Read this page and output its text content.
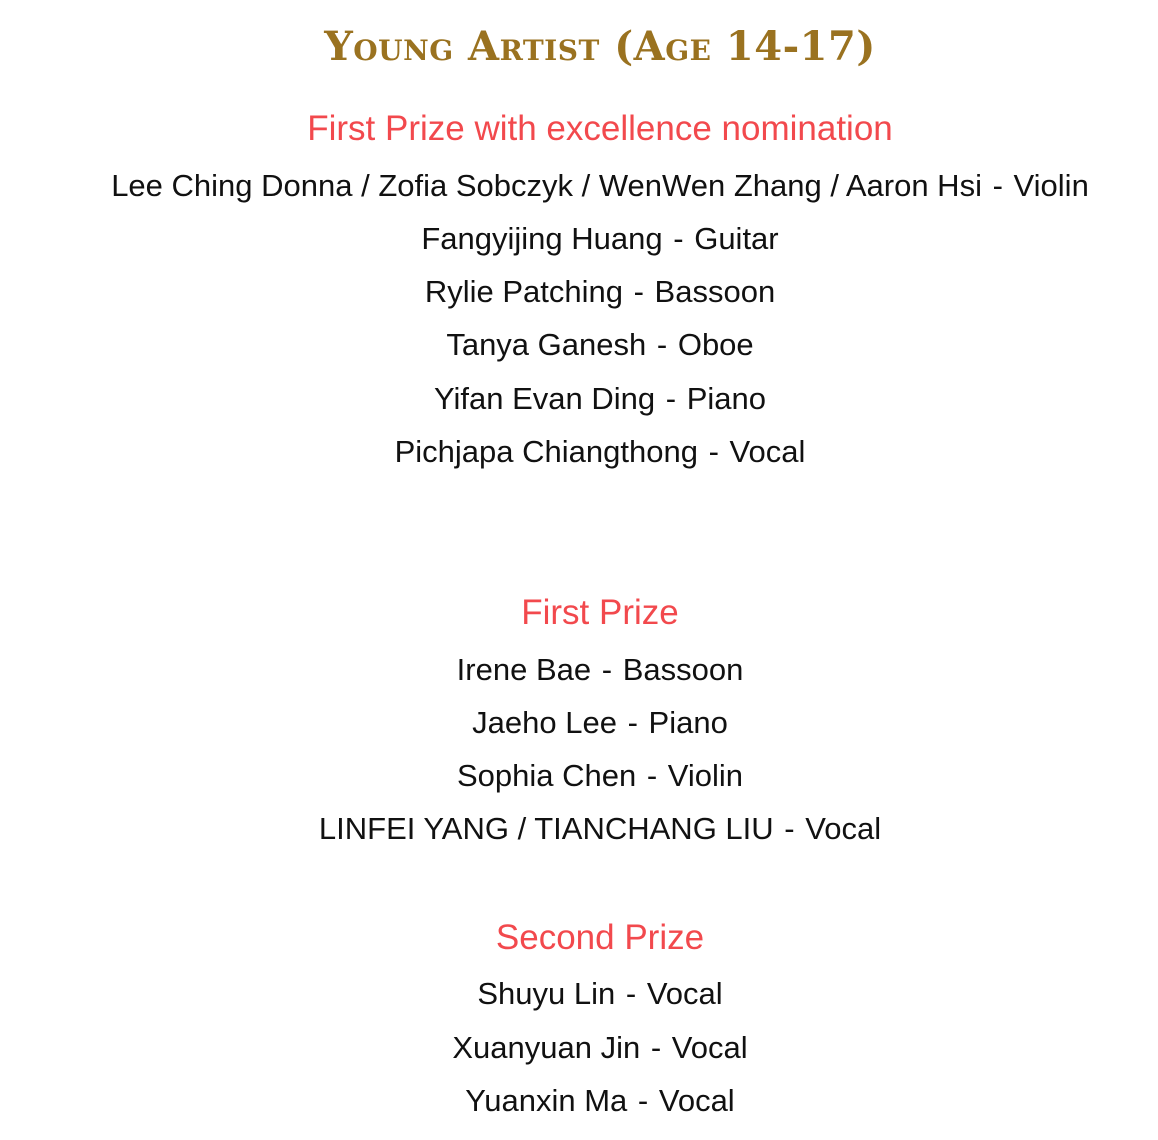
Young Artist (Age 14-17)
First Prize with excellence nomination
Lee Ching Donna / Zofia Sobczyk / WenWen Zhang / Aaron Hsi - Violin
Fangyijing Huang - Guitar
Rylie Patching - Bassoon
Tanya Ganesh - Oboe
Yifan Evan Ding - Piano
Pichjapa Chiangthong - Vocal
First Prize
Irene Bae - Bassoon
Jaeho Lee - Piano
Sophia Chen - Violin
LINFEI YANG / TIANCHANG LIU - Vocal
Second Prize
Shuyu Lin - Vocal
Xuanyuan Jin - Vocal
Yuanxin Ma - Vocal
